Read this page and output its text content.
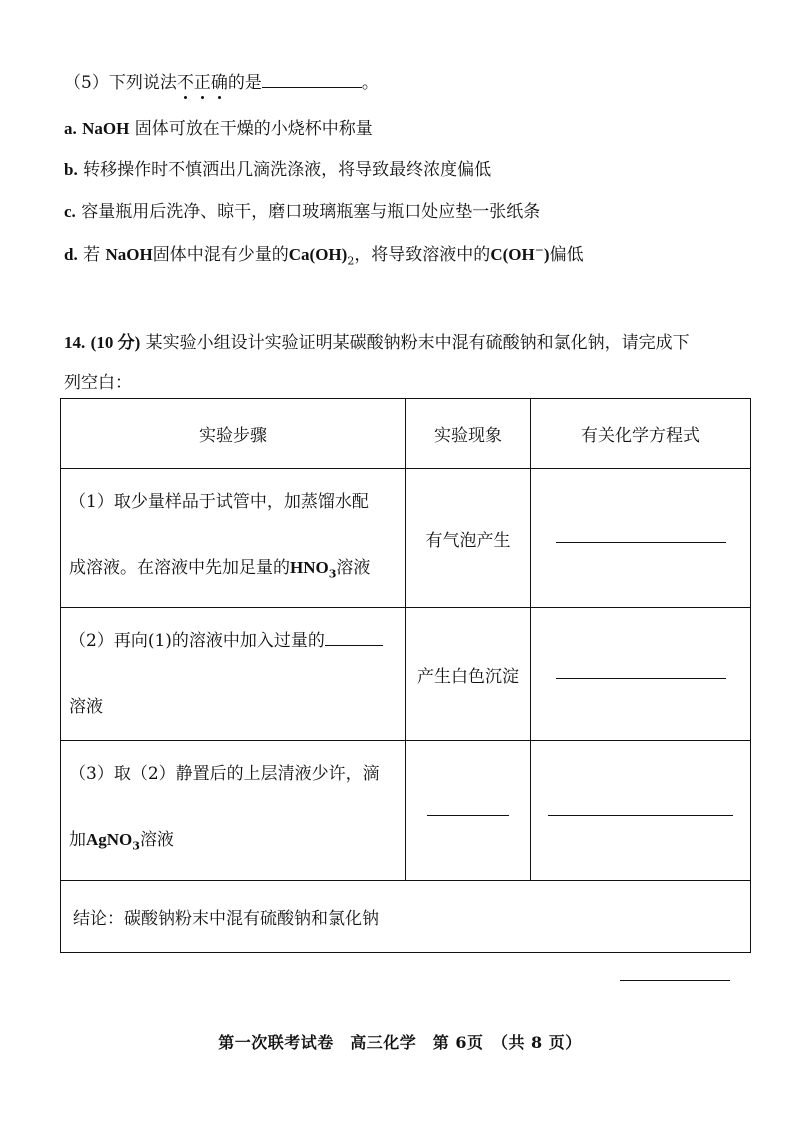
（5）下列说法不正确的是	。
a. NaOH 固体可放在干燥的小烧杯中称量
b. 转移操作时不慎洒出几滴洗涤液，将导致最终浓度偏低
c. 容量瓶用后洗净、晾干，磨口玻璃瓶塞与瓶口处应垫一张纸条
d. 若 NaOH固体中混有少量的$Ca(OH)_2$，将导致溶液中的C(OH−)偏低
14. (10 分) 某实验小组设计实验证明某碳酸钠粉末中混有硫酸钠和氯化钠，请完成下
列空白：
实验步骤	实验现象	有关化学方程式

（1）取少量样品于试管中，加蒸馏水配
成溶液。在溶液中先加足量的$HNO_3$溶液	有气泡产生	

（2）再向(1)的溶液中加入过量的
溶液	产生白色沉淀	

（3）取（2）静置后的上层清液少许，滴
加AgNO$_3$溶液		

结论：碳酸钠粉末中混有硫酸钠和氯化钠		
第一次联考试卷　高三化学　第 6页　（共 8 页）
